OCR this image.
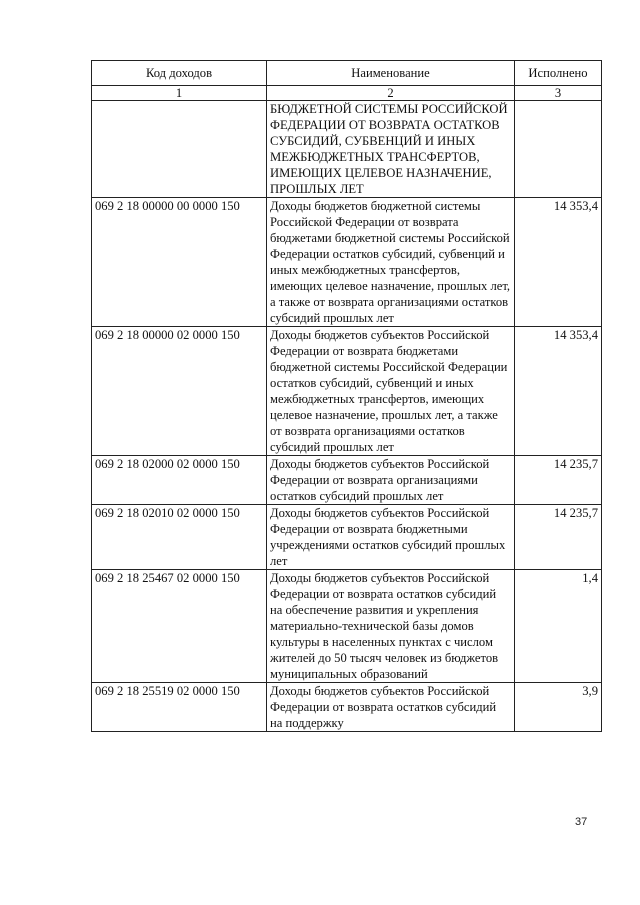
Код доходов	Наименование	Исполнено
1	2	3
	БЮДЖЕТНОЙ СИСТЕМЫ РОССИЙСКОЙ ФЕДЕРАЦИИ ОТ ВОЗВРАТА ОСТАТКОВ СУБСИДИЙ, СУБВЕНЦИЙ И ИНЫХ МЕЖБЮДЖЕТНЫХ ТРАНСФЕРТОВ, ИМЕЮЩИХ ЦЕЛЕВОЕ НАЗНАЧЕНИЕ, ПРОШЛЫХ ЛЕТ	
069 2 18 00000 00 0000 150	Доходы бюджетов бюджетной системы Российской Федерации от возврата бюджетами бюджетной системы Российской Федерации остатков субсидий, субвенций и иных межбюджетных трансфертов, имеющих целевое назначение, прошлых лет, а также от возврата организациями остатков субсидий прошлых лет	14 353,4
069 2 18 00000 02 0000 150	Доходы бюджетов субъектов Российской Федерации от возврата бюджетами бюджетной системы Российской Федерации остатков субсидий, субвенций и иных межбюджетных трансфертов, имеющих целевое назначение, прошлых лет, а также от возврата организациями остатков субсидий прошлых лет	14 353,4
069 2 18 02000 02 0000 150	Доходы бюджетов субъектов Российской Федерации от возврата организациями остатков субсидий прошлых лет	14 235,7
069 2 18 02010 02 0000 150	Доходы бюджетов субъектов Российской Федерации от возврата бюджетными учреждениями остатков субсидий прошлых лет	14 235,7
069 2 18 25467 02 0000 150	Доходы бюджетов субъектов Российской Федерации от возврата остатков субсидий на обеспечение развития и укрепления материально-технической базы домов культуры в населенных пунктах с числом жителей до 50 тысяч человек из бюджетов муниципальных образований	1,4
069 2 18 25519 02 0000 150	Доходы бюджетов субъектов Российской Федерации от возврата остатков субсидий на поддержку	3,9
37
